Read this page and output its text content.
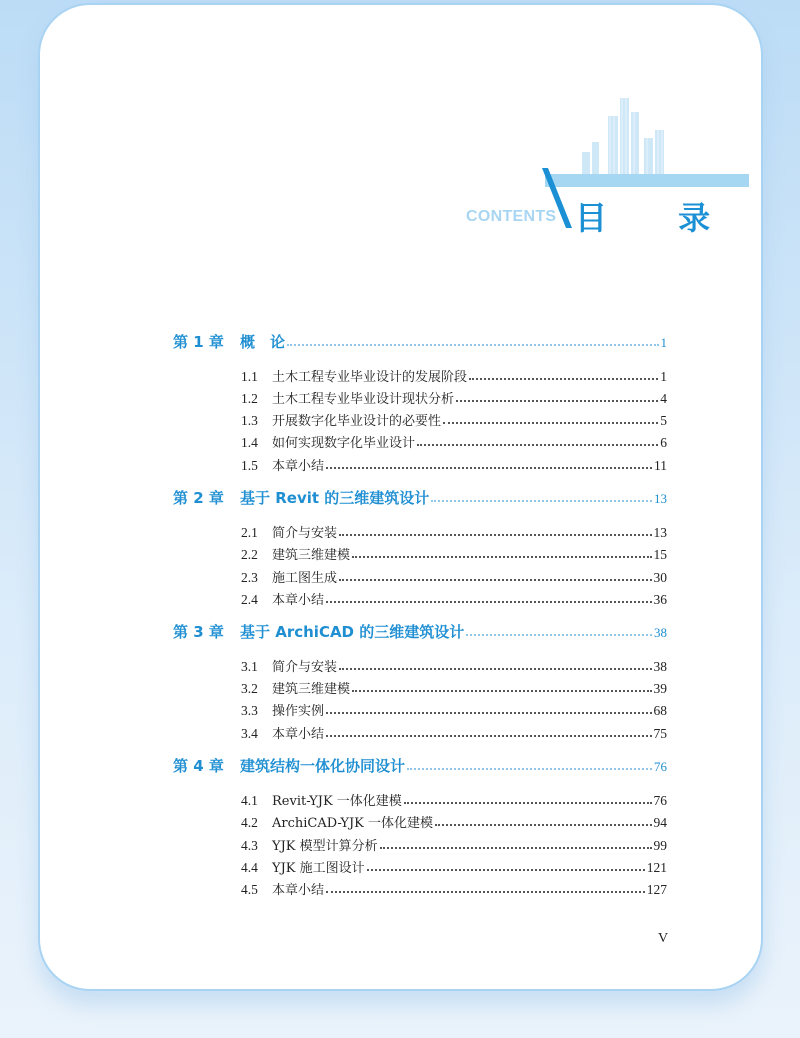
CONTENTS 目 录
第 1 章	概　论	1
1.1	土木工程专业毕业设计的发展阶段	1
1.2	土木工程专业毕业设计现状分析	4
1.3	开展数字化毕业设计的必要性	5
1.4	如何实现数字化毕业设计	6
1.5	本章小结	11
第 2 章	基于 Revit 的三维建筑设计	13
2.1	简介与安装	13
2.2	建筑三维建模	15
2.3	施工图生成	30
2.4	本章小结	36
第 3 章	基于 ArchiCAD 的三维建筑设计	38
3.1	简介与安装	38
3.2	建筑三维建模	39
3.3	操作实例	68
3.4	本章小结	75
第 4 章	建筑结构一体化协同设计	76
4.1	Revit-YJK 一体化建模	76
4.2	ArchiCAD-YJK 一体化建模	94
4.3	YJK 模型计算分析	99
4.4	YJK 施工图设计	121
4.5	本章小结	127
V
